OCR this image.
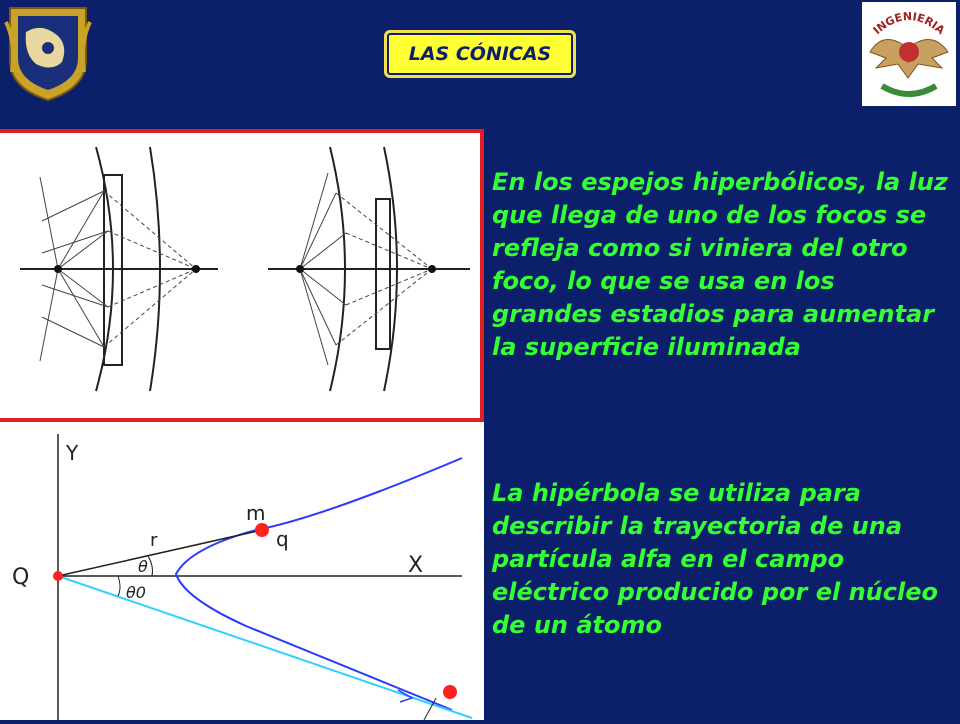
INGENIERIA
LAS CÓNICAS
Y
X
Q
m
q
r
θ
θ0

En los espejos hiperbólicos, la luz que llega de uno de los focos se refleja como si viniera del otro foco, lo que se usa en los grandes estadios para aumentar la superficie iluminada

La hipérbola se utiliza para describir la trayectoria de una partícula alfa en el campo eléctrico producido por el núcleo de un átomo
